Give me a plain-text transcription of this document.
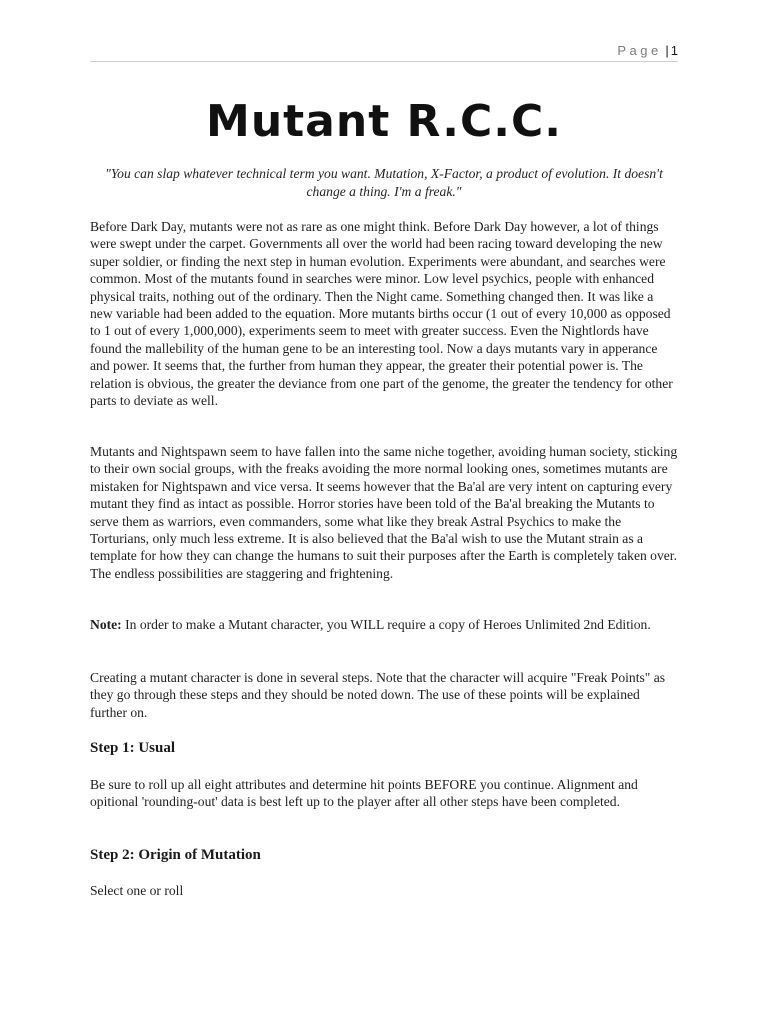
Page | 1
Mutant R.C.C.
"You can slap whatever technical term you want. Mutation, X-Factor, a product of evolution. It doesn't change a thing. I'm a freak."

Before Dark Day, mutants were not as rare as one might think. Before Dark Day however, a lot of things were swept under the carpet. Governments all over the world had been racing toward developing the new super soldier, or finding the next step in human evolution. Experiments were abundant, and searches were common. Most of the mutants found in searches were minor. Low level psychics, people with enhanced physical traits, nothing out of the ordinary. Then the Night came. Something changed then. It was like a new variable had been added to the equation. More mutants births occur (1 out of every 10,000 as opposed to 1 out of every 1,000,000), experiments seem to meet with greater success. Even the Nightlords have found the mallebility of the human gene to be an interesting tool. Now a days mutants vary in apperance and power. It seems that, the further from human they appear, the greater their potential power is. The relation is obvious, the greater the deviance from one part of the genome, the greater the tendency for other parts to deviate as well.

Mutants and Nightspawn seem to have fallen into the same niche together, avoiding human society, sticking to their own social groups, with the freaks avoiding the more normal looking ones, sometimes mutants are mistaken for Nightspawn and vice versa. It seems however that the Ba'al are very intent on capturing every mutant they find as intact as possible. Horror stories have been told of the Ba'al breaking the Mutants to serve them as warriors, even commanders, some what like they break Astral Psychics to make the Torturians, only much less extreme. It is also believed that the Ba'al wish to use the Mutant strain as a template for how they can change the humans to suit their purposes after the Earth is completely taken over. The endless possibilities are staggering and frightening.

Note: In order to make a Mutant character, you WILL require a copy of Heroes Unlimited 2nd Edition.

Creating a mutant character is done in several steps. Note that the character will acquire "Freak Points" as they go through these steps and they should be noted down. The use of these points will be explained further on.

Step 1: Usual

Be sure to roll up all eight attributes and determine hit points BEFORE you continue. Alignment and opitional 'rounding-out' data is best left up to the player after all other steps have been completed.

Step 2: Origin of Mutation

Select one or roll
